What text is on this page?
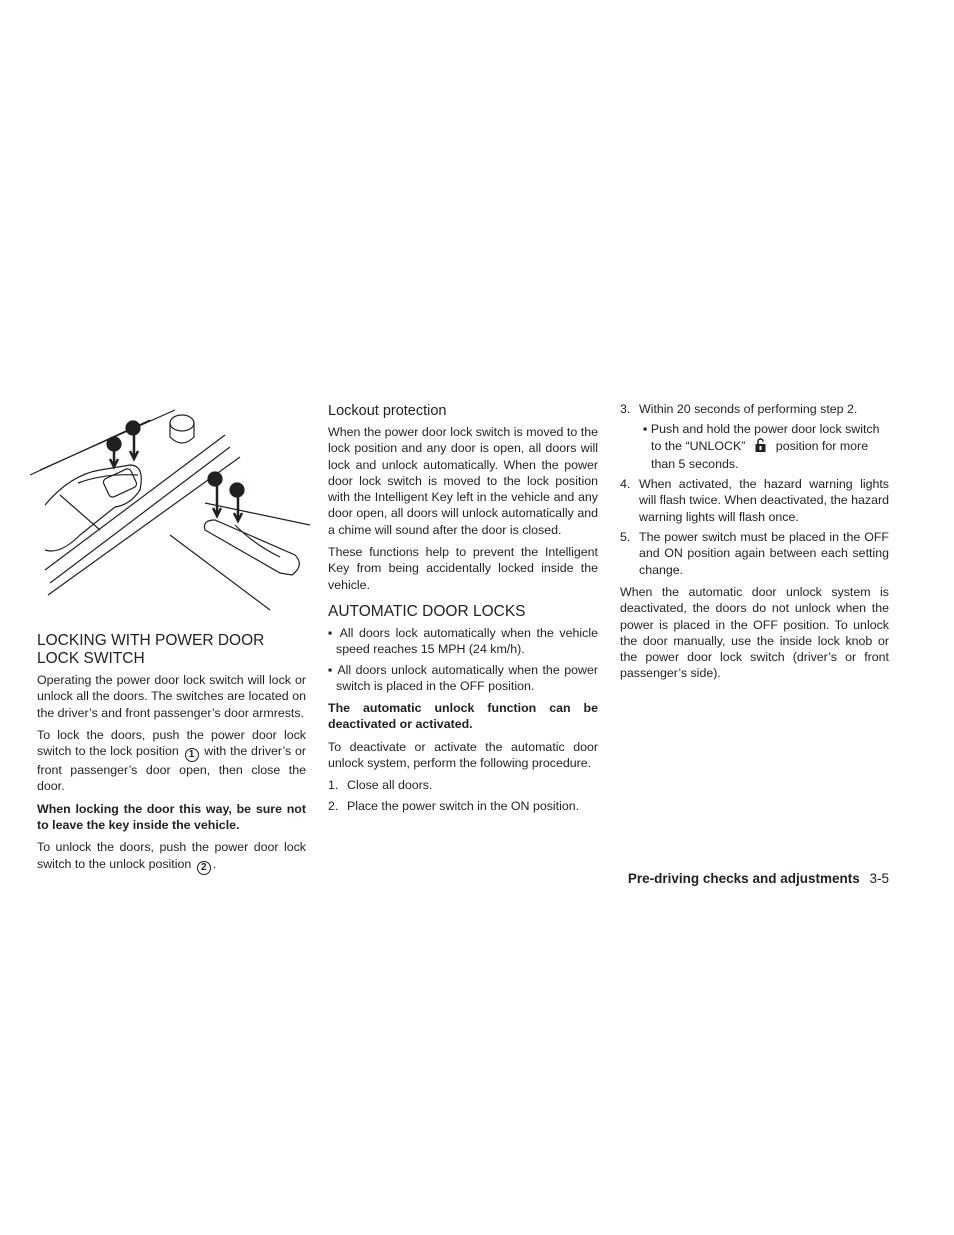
1
2
1
2
LOCKING WITH POWER DOOR LOCK SWITCH

Operating the power door lock switch will lock or unlock all the doors. The switches are located on the driver’s and front passenger’s door armrests.

To lock the doors, push the power door lock switch to the lock position 1 with the driver’s or front passenger’s door open, then close the door.

When locking the door this way, be sure not to leave the key inside the vehicle.

To unlock the doors, push the power door lock switch to the unlock position 2 .

Lockout protection

When the power door lock switch is moved to the lock position and any door is open, all doors will lock and unlock automatically. When the power door lock switch is moved to the lock position with the Intelligent Key left in the vehicle and any door open, all doors will unlock automatically and a chime will sound after the door is closed.

These functions help to prevent the Intelligent Key from being accidentally locked inside the vehicle.

AUTOMATIC DOOR LOCKS

▪ All doors lock automatically when the vehicle speed reaches 15 MPH (24 km/h).

▪ All doors unlock automatically when the power switch is placed in the OFF position.

The automatic unlock function can be deactivated or activated.

To deactivate or activate the automatic door unlock system, perform the following procedure.

1. Close all doors.
2. Place the power switch in the ON position.
3. Within 20 seconds of performing step 2.
▪ Push and hold the power door lock switch to the “UNLOCK” position for more than 5 seconds.
4. When activated, the hazard warning lights will flash twice. When deactivated, the hazard warning lights will flash once.
5. The power switch must be placed in the OFF and ON position again between each setting change.

When the automatic door unlock system is deactivated, the doors do not unlock when the power is placed in the OFF position. To unlock the door manually, use the inside lock knob or the power door lock switch (driver’s or front passenger’s side).

Pre-driving checks and adjustments 3-5
